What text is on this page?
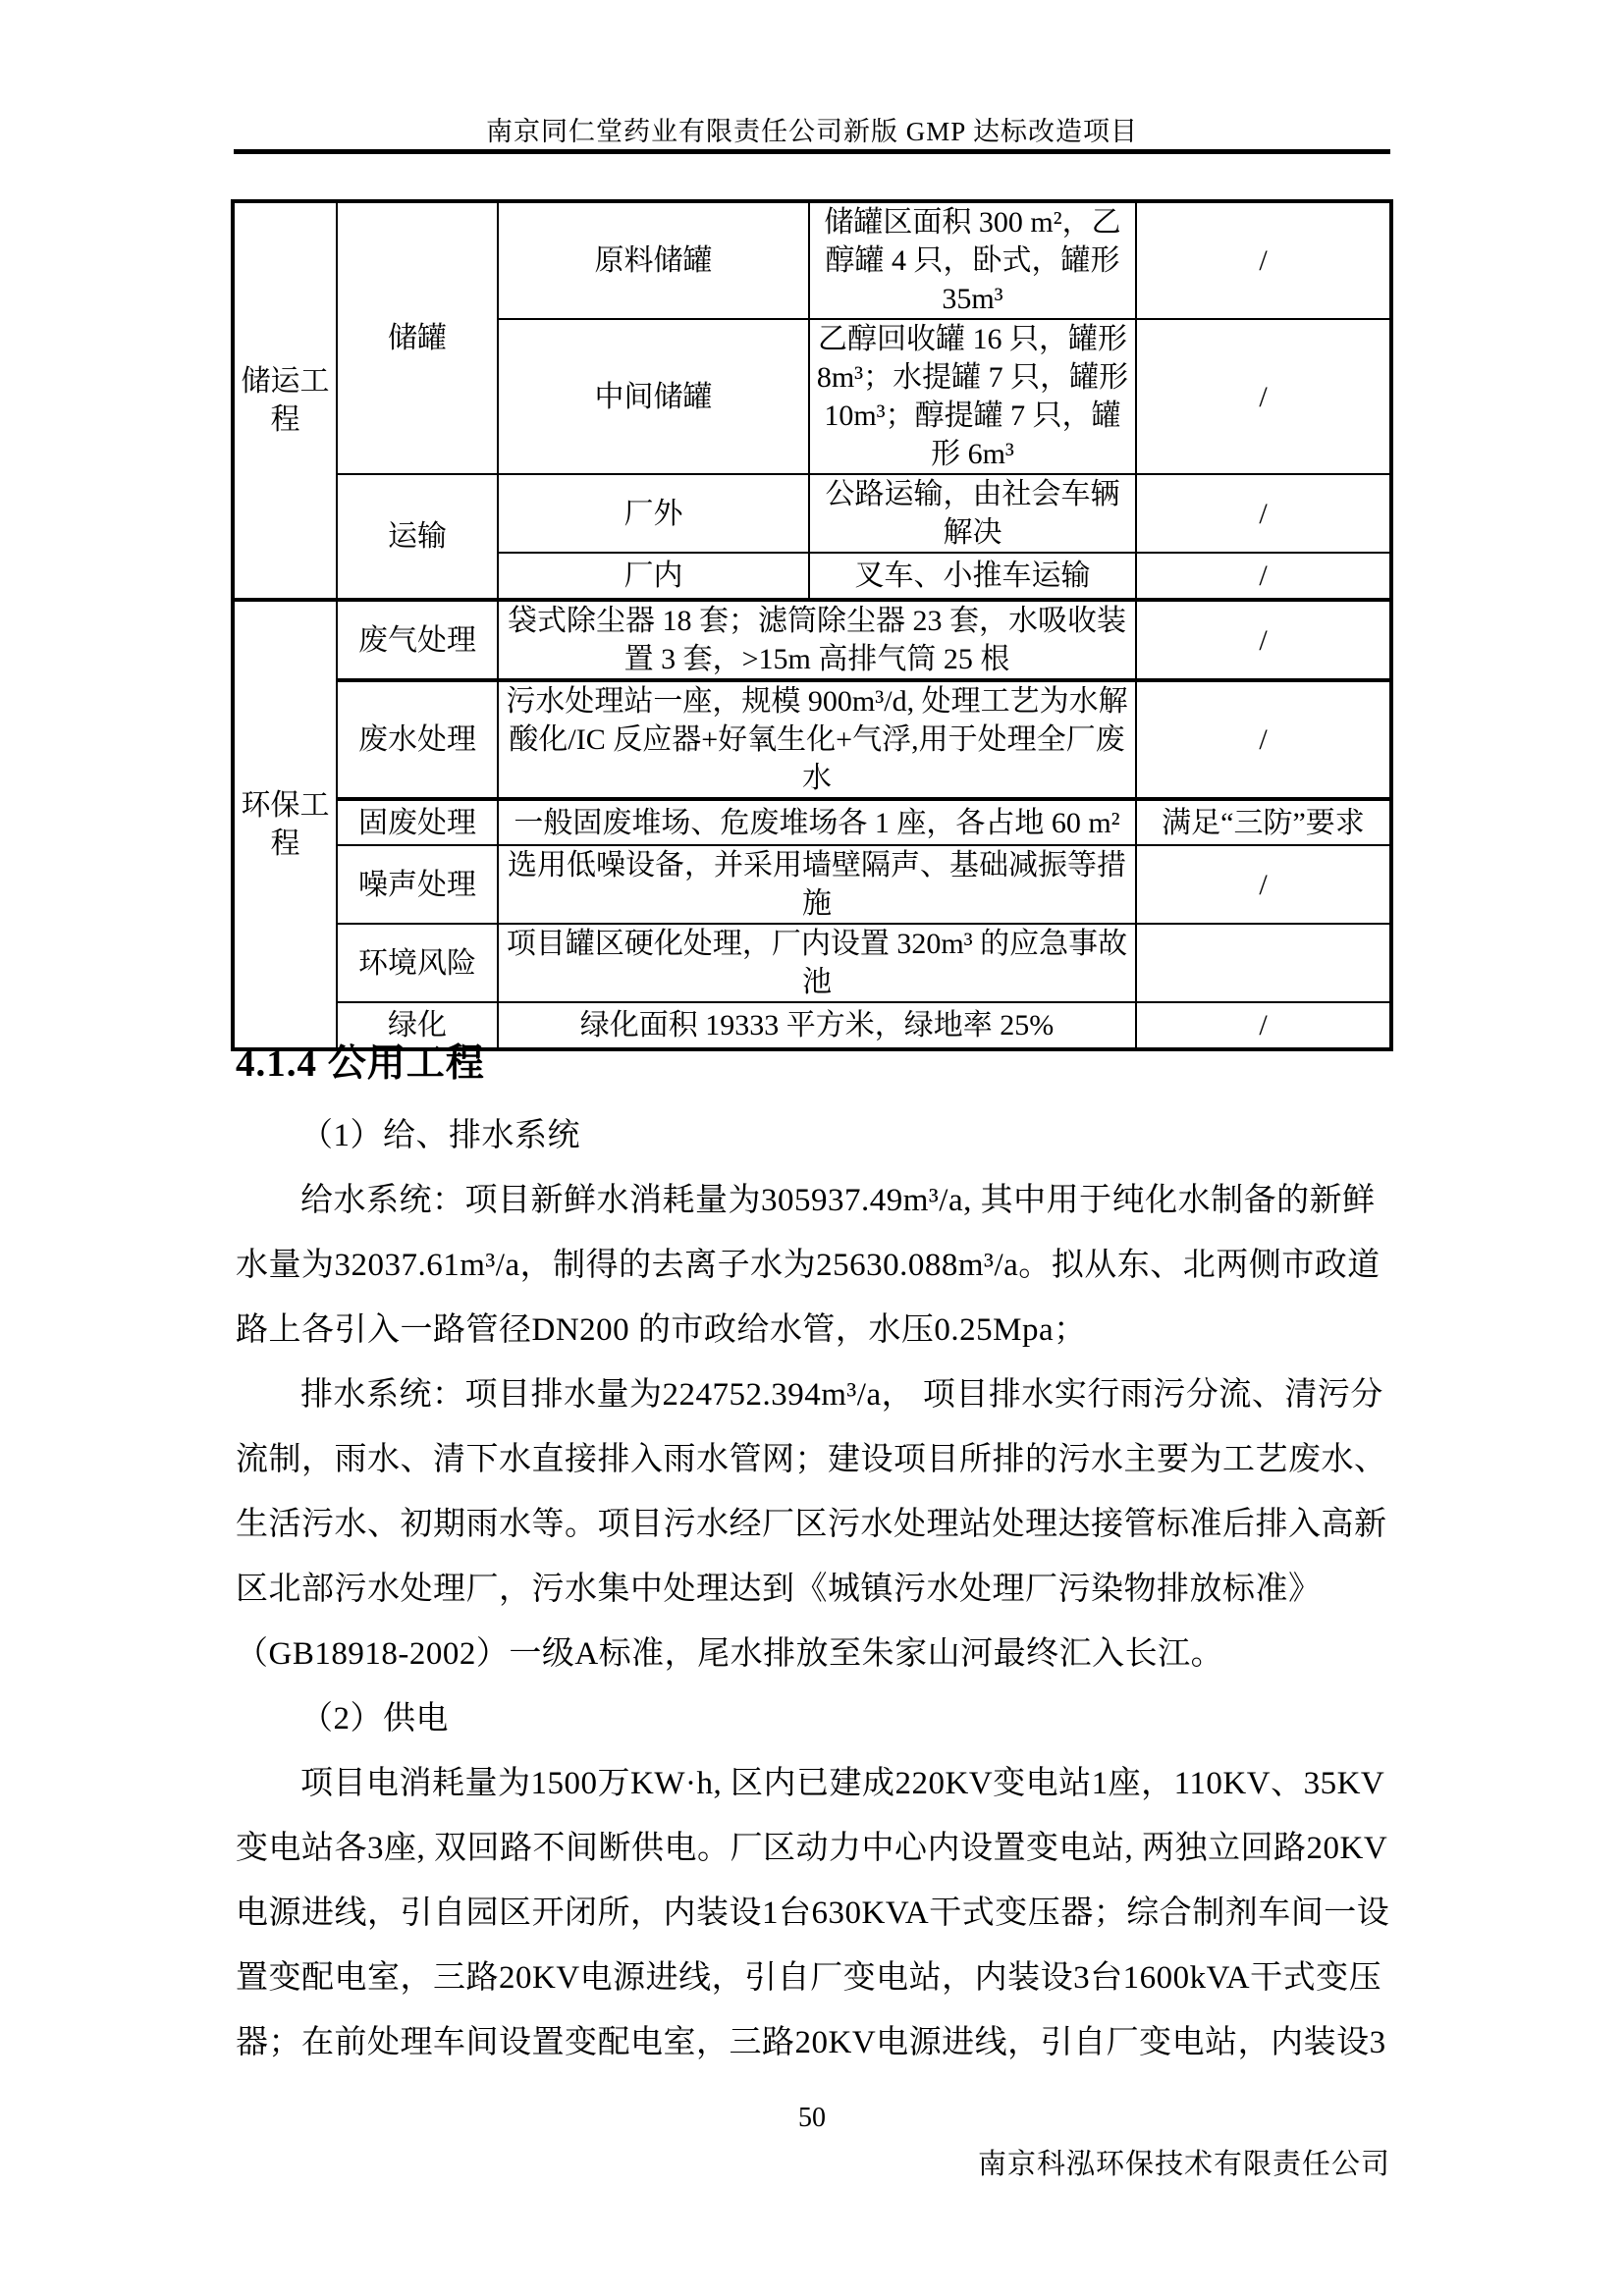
南京同仁堂药业有限责任公司新版 GMP 达标改造项目
储运工程	储罐	原料储罐	储罐区面积 300 m²，乙醇罐 4 只，卧式，罐形 35m³	/
		中间储罐	乙醇回收罐 16 只，罐形 8m³；水提罐 7 只，罐形 10m³；醇提罐 7 只，罐形 6m³	/
	运输	厂外	公路运输，由社会车辆解决	/
		厂内	叉车、小推车运输	/
环保工程	废气处理	袋式除尘器 18 套；滤筒除尘器 23 套，水吸收装置 3 套，>15m 高排气筒 25 根		/
	废水处理	污水处理站一座，规模 900m³/d, 处理工艺为水解酸化/IC 反应器+好氧生化+气浮,用于处理全厂废水		/
	固废处理	一般固废堆场、危废堆场各 1 座，各占地 60 m²		满足“三防”要求
	噪声处理	选用低噪设备，并采用墙壁隔声、基础减振等措施		/
	环境风险	项目罐区硬化处理，厂内设置 320m³ 的应急事故池		
	绿化	绿化面积 19333 平方米，绿地率 25%		/
4.1.4 公用工程
（1）给、排水系统
给水系统：项目新鲜水消耗量为305937.49m³/a, 其中用于纯化水制备的新鲜
水量为32037.61m³/a，制得的去离子水为25630.088m³/a。拟从东、北两侧市政道
路上各引入一路管径DN200 的市政给水管，水压0.25Mpa；
排水系统：项目排水量为224752.394m³/a， 项目排水实行雨污分流、清污分
流制，雨水、清下水直接排入雨水管网；建设项目所排的污水主要为工艺废水、
生活污水、初期雨水等。项目污水经厂区污水处理站处理达接管标准后排入高新
区北部污水处理厂，污水集中处理达到《城镇污水处理厂污染物排放标准》
（GB18918-2002）一级A标准，尾水排放至朱家山河最终汇入长江。
（2）供电
项目电消耗量为1500万KW·h, 区内已建成220KV变电站1座，110KV、35KV
变电站各3座, 双回路不间断供电。厂区动力中心内设置变电站, 两独立回路20KV
电源进线，引自园区开闭所，内装设1台630KVA干式变压器；综合制剂车间一设
置变配电室，三路20KV电源进线，引自厂变电站，内装设3台1600kVA干式变压
器；在前处理车间设置变配电室，三路20KV电源进线，引自厂变电站，内装设3
50
南京科泓环保技术有限责任公司
